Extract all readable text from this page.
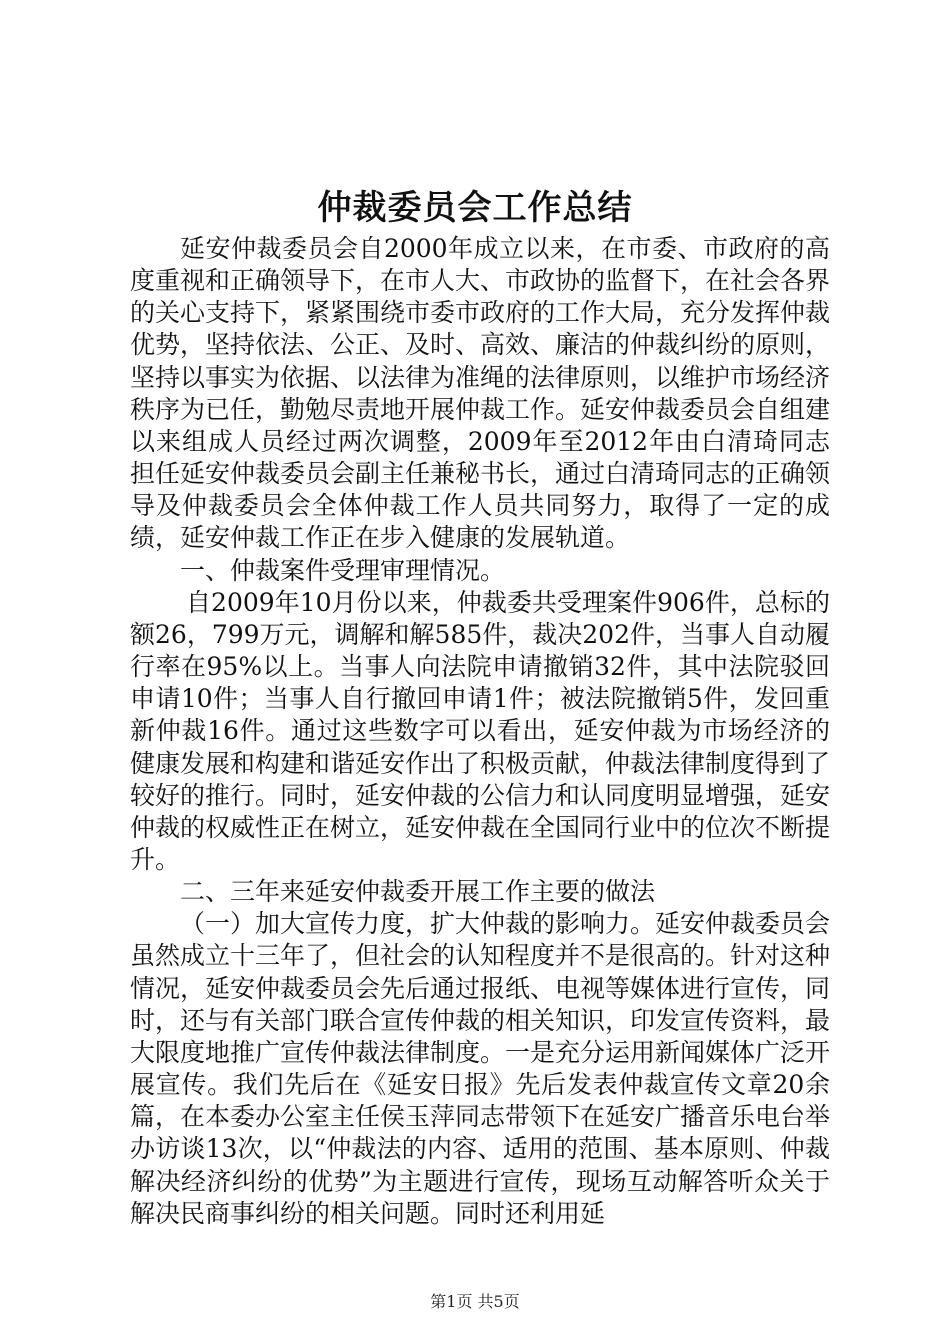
仲裁委员会工作总结

延安仲裁委员会自2000年成立以来，在市委、市政府的高度重视和正确领导下，在市人大、市政协的监督下，在社会各界的关心支持下，紧紧围绕市委市政府的工作大局，充分发挥仲裁优势，坚持依法、公正、及时、高效、廉洁的仲裁纠纷的原则，坚持以事实为依据、以法律为准绳的法律原则，以维护市场经济秩序为已任，勤勉尽责地开展仲裁工作。延安仲裁委员会自组建以来组成人员经过两次调整，2009年至2012年由白清琦同志担任延安仲裁委员会副主任兼秘书长，通过白清琦同志的正确领导及仲裁委员会全体仲裁工作人员共同努力，取得了一定的成绩，延安仲裁工作正在步入健康的发展轨道。

一、仲裁案件受理审理情况。

自2009年10月份以来，仲裁委共受理案件906件，总标的额26，799万元，调解和解585件，裁决202件，当事人自动履行率在95%以上。当事人向法院申请撤销32件，其中法院驳回申请10件；当事人自行撤回申请1件；被法院撤销5件，发回重新仲裁16件。通过这些数字可以看出，延安仲裁为市场经济的健康发展和构建和谐延安作出了积极贡献，仲裁法律制度得到了较好的推行。同时，延安仲裁的公信力和认同度明显增强，延安仲裁的权威性正在树立，延安仲裁在全国同行业中的位次不断提升。

二、三年来延安仲裁委开展工作主要的做法

（一）加大宣传力度，扩大仲裁的影响力。延安仲裁委员会虽然成立十三年了，但社会的认知程度并不是很高的。针对这种情况，延安仲裁委员会先后通过报纸、电视等媒体进行宣传，同时，还与有关部门联合宣传仲裁的相关知识，印发宣传资料，最大限度地推广宣传仲裁法律制度。一是充分运用新闻媒体广泛开展宣传。我们先后在《延安日报》先后发表仲裁宣传文章20余篇，在本委办公室主任侯玉萍同志带领下在延安广播音乐电台举办访谈13次，以“仲裁法的内容、适用的范围、基本原则、仲裁解决经济纠纷的优势”为主题进行宣传，现场互动解答听众关于解决民商事纠纷的相关问题。同时还利用延

第1页 共5页
